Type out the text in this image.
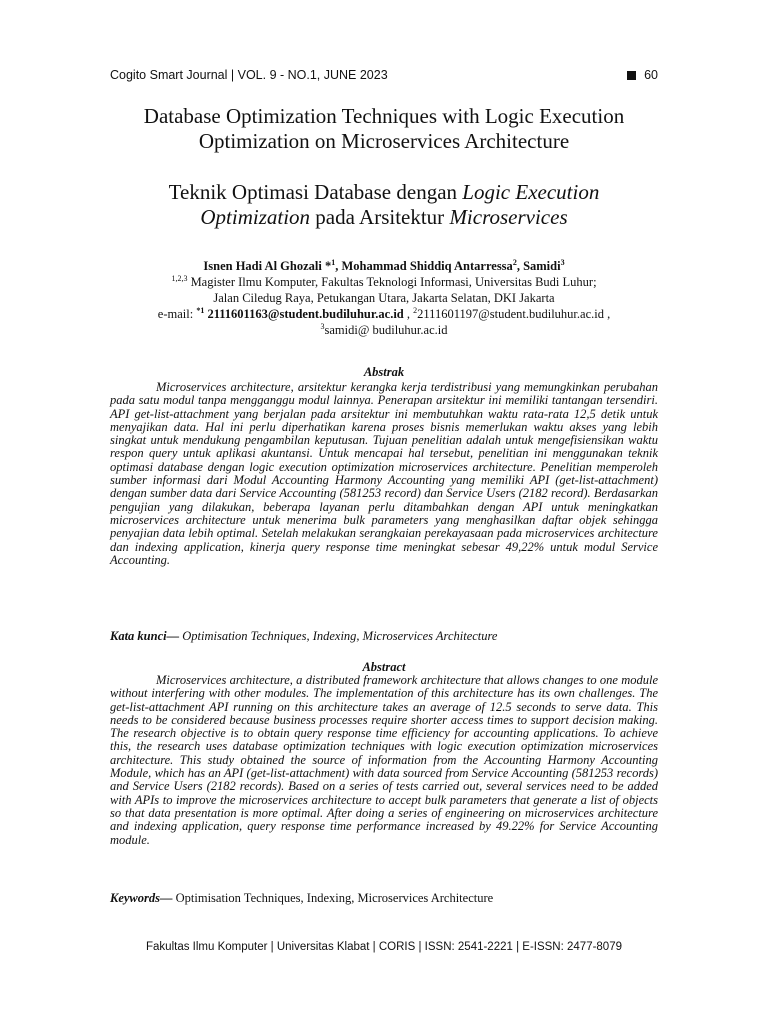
Cogito Smart Journal | VOL. 9 - NO.1, JUNE 2023	60
Database Optimization Techniques with Logic Execution
Optimization on Microservices Architecture
Teknik Optimasi Database dengan Logic Execution
Optimization pada Arsitektur Microservices
Isnen Hadi Al Ghozali *$^1$, Mohammad Shiddiq Antarressa$^2$, Samidi$^3$
$^{1,2,3}$ Magister Ilmu Komputer, Fakultas Teknologi Informasi, Universitas Budi Luhur;
Jalan Ciledug Raya, Petukangan Utara, Jakarta Selatan, DKI Jakarta
e-mail: $^{*1}$ 2111601163@student.budiluhur.ac.id , $^2$2111601197@student.budiluhur.ac.id ,
$^3$samidi@ budiluhur.ac.id
Abstrak
Microservices architecture, arsitektur kerangka kerja terdistribusi yang memungkinkan perubahan pada satu modul tanpa mengganggu modul lainnya. Penerapan arsitektur ini memiliki tantangan tersendiri. API get-list-attachment yang berjalan pada arsitektur ini membutuhkan waktu rata-rata 12,5 detik untuk menyajikan data. Hal ini perlu diperhatikan karena proses bisnis memerlukan waktu akses yang lebih singkat untuk mendukung pengambilan keputusan. Tujuan penelitian adalah untuk mengefisiensikan waktu respon query untuk aplikasi akuntansi. Untuk mencapai hal tersebut, penelitian ini menggunakan teknik optimasi database dengan logic execution optimization microservices architecture. Penelitian memperoleh sumber informasi dari Modul Accounting Harmony Accounting yang memiliki API (get-list-attachment) dengan sumber data dari Service Accounting (581253 record) dan Service Users (2182 record). Berdasarkan pengujian yang dilakukan, beberapa layanan perlu ditambahkan dengan API untuk meningkatkan microservices architecture untuk menerima bulk parameters yang menghasilkan daftar objek sehingga penyajian data lebih optimal. Setelah melakukan serangkaian perekayasaan pada microservices architecture dan indexing application, kinerja query response time meningkat sebesar 49,22% untuk modul Service Accounting.
Kata kunci— Optimisation Techniques, Indexing, Microservices Architecture
Abstract
Microservices architecture, a distributed framework architecture that allows changes to one module without interfering with other modules. The implementation of this architecture has its own challenges. The get-list-attachment API running on this architecture takes an average of 12.5 seconds to serve data. This needs to be considered because business processes require shorter access times to support decision making. The research objective is to obtain query response time efficiency for accounting applications. To achieve this, the research uses database optimization techniques with logic execution optimization microservices architecture. This study obtained the source of information from the Accounting Harmony Accounting Module, which has an API (get-list-attachment) with data sourced from Service Accounting (581253 records) and Service Users (2182 records). Based on a series of tests carried out, several services need to be added with APIs to improve the microservices architecture to accept bulk parameters that generate a list of objects so that data presentation is more optimal. After doing a series of engineering on microservices architecture and indexing application, query response time performance increased by 49.22% for Service Accounting module.
Keywords— Optimisation Techniques, Indexing, Microservices Architecture
Fakultas Ilmu Komputer | Universitas Klabat | CORIS | ISSN: 2541-2221 | E-ISSN: 2477-8079
